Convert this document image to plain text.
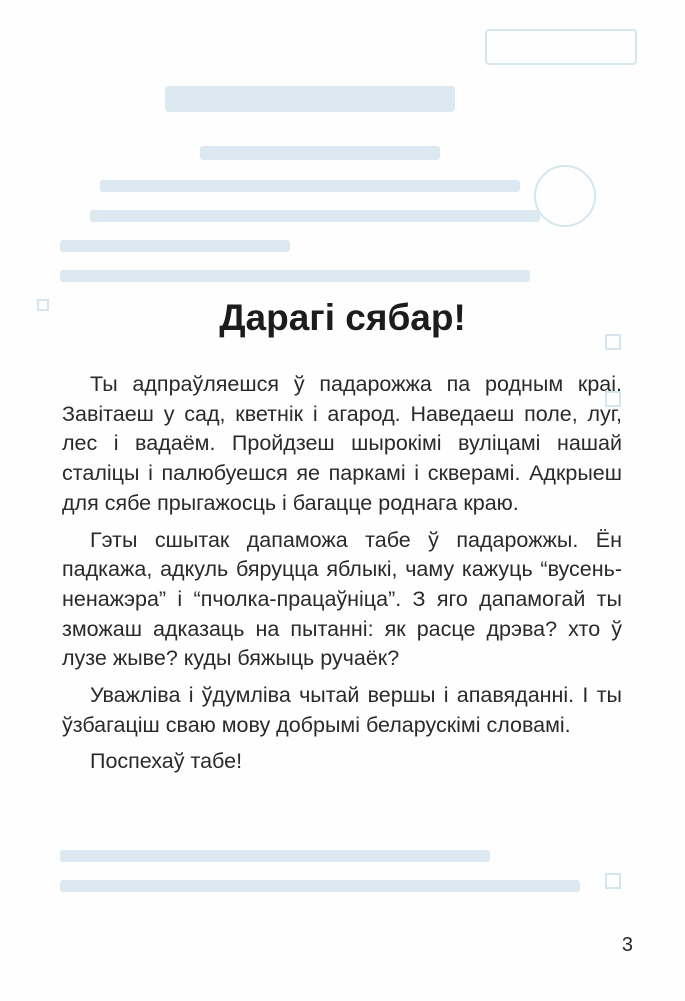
Дарагі сябар!

Ты адпраўляешся ў падарожжа па родным краі. Завітаеш у сад, кветнік і агарод. Наведаеш поле, луг, лес і вадаём. Пройдзеш шырокімі вуліцамі нашай сталіцы і палюбуешся яе паркамі і скверамі. Адкрыеш для сябе прыгажосць і багацце роднага краю.

Гэты сшытак дапаможа табе ў падарожжы. Ён падкажа, адкуль бяруцца яблыкі, чаму кажуць “вусень-ненажэра” і “пчолка-працаўніца”. З яго дапамогай ты зможаш адказаць на пытанні: як расце дрэва? хто ў лузе жыве? куды бяжыць ручаёк?

Уважліва і ўдумліва чытай вершы і апавяданні. І ты ўзбагаціш сваю мову добрымі беларускімі словамі.

Поспехаў табе!

3
